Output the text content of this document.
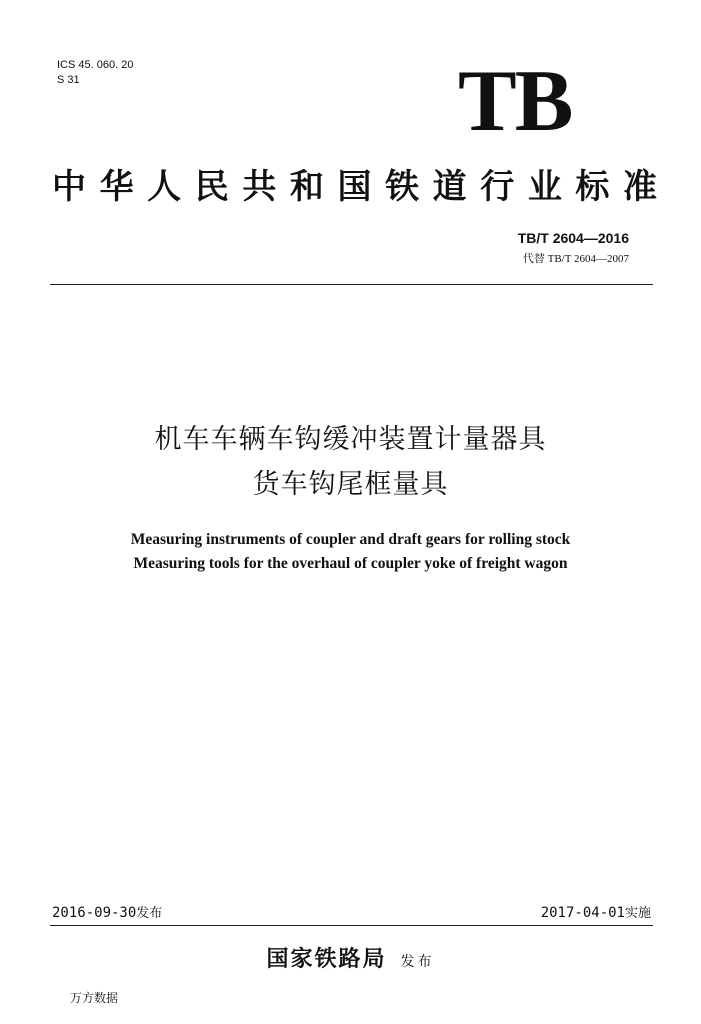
ICS 45. 060. 20
S 31	TB
中华人民共和国铁道行业标准
TB/T 2604—2016
代替 TB/T 2604—2007
机车车辆车钩缓冲装置计量器具
货车钩尾框量具
Measuring instruments of coupler and draft gears for rolling stock
Measuring tools for the overhaul of coupler yoke of freight wagon
2016-09-30发布	2017-04-01实施
国家铁路局 发布
万方数据
